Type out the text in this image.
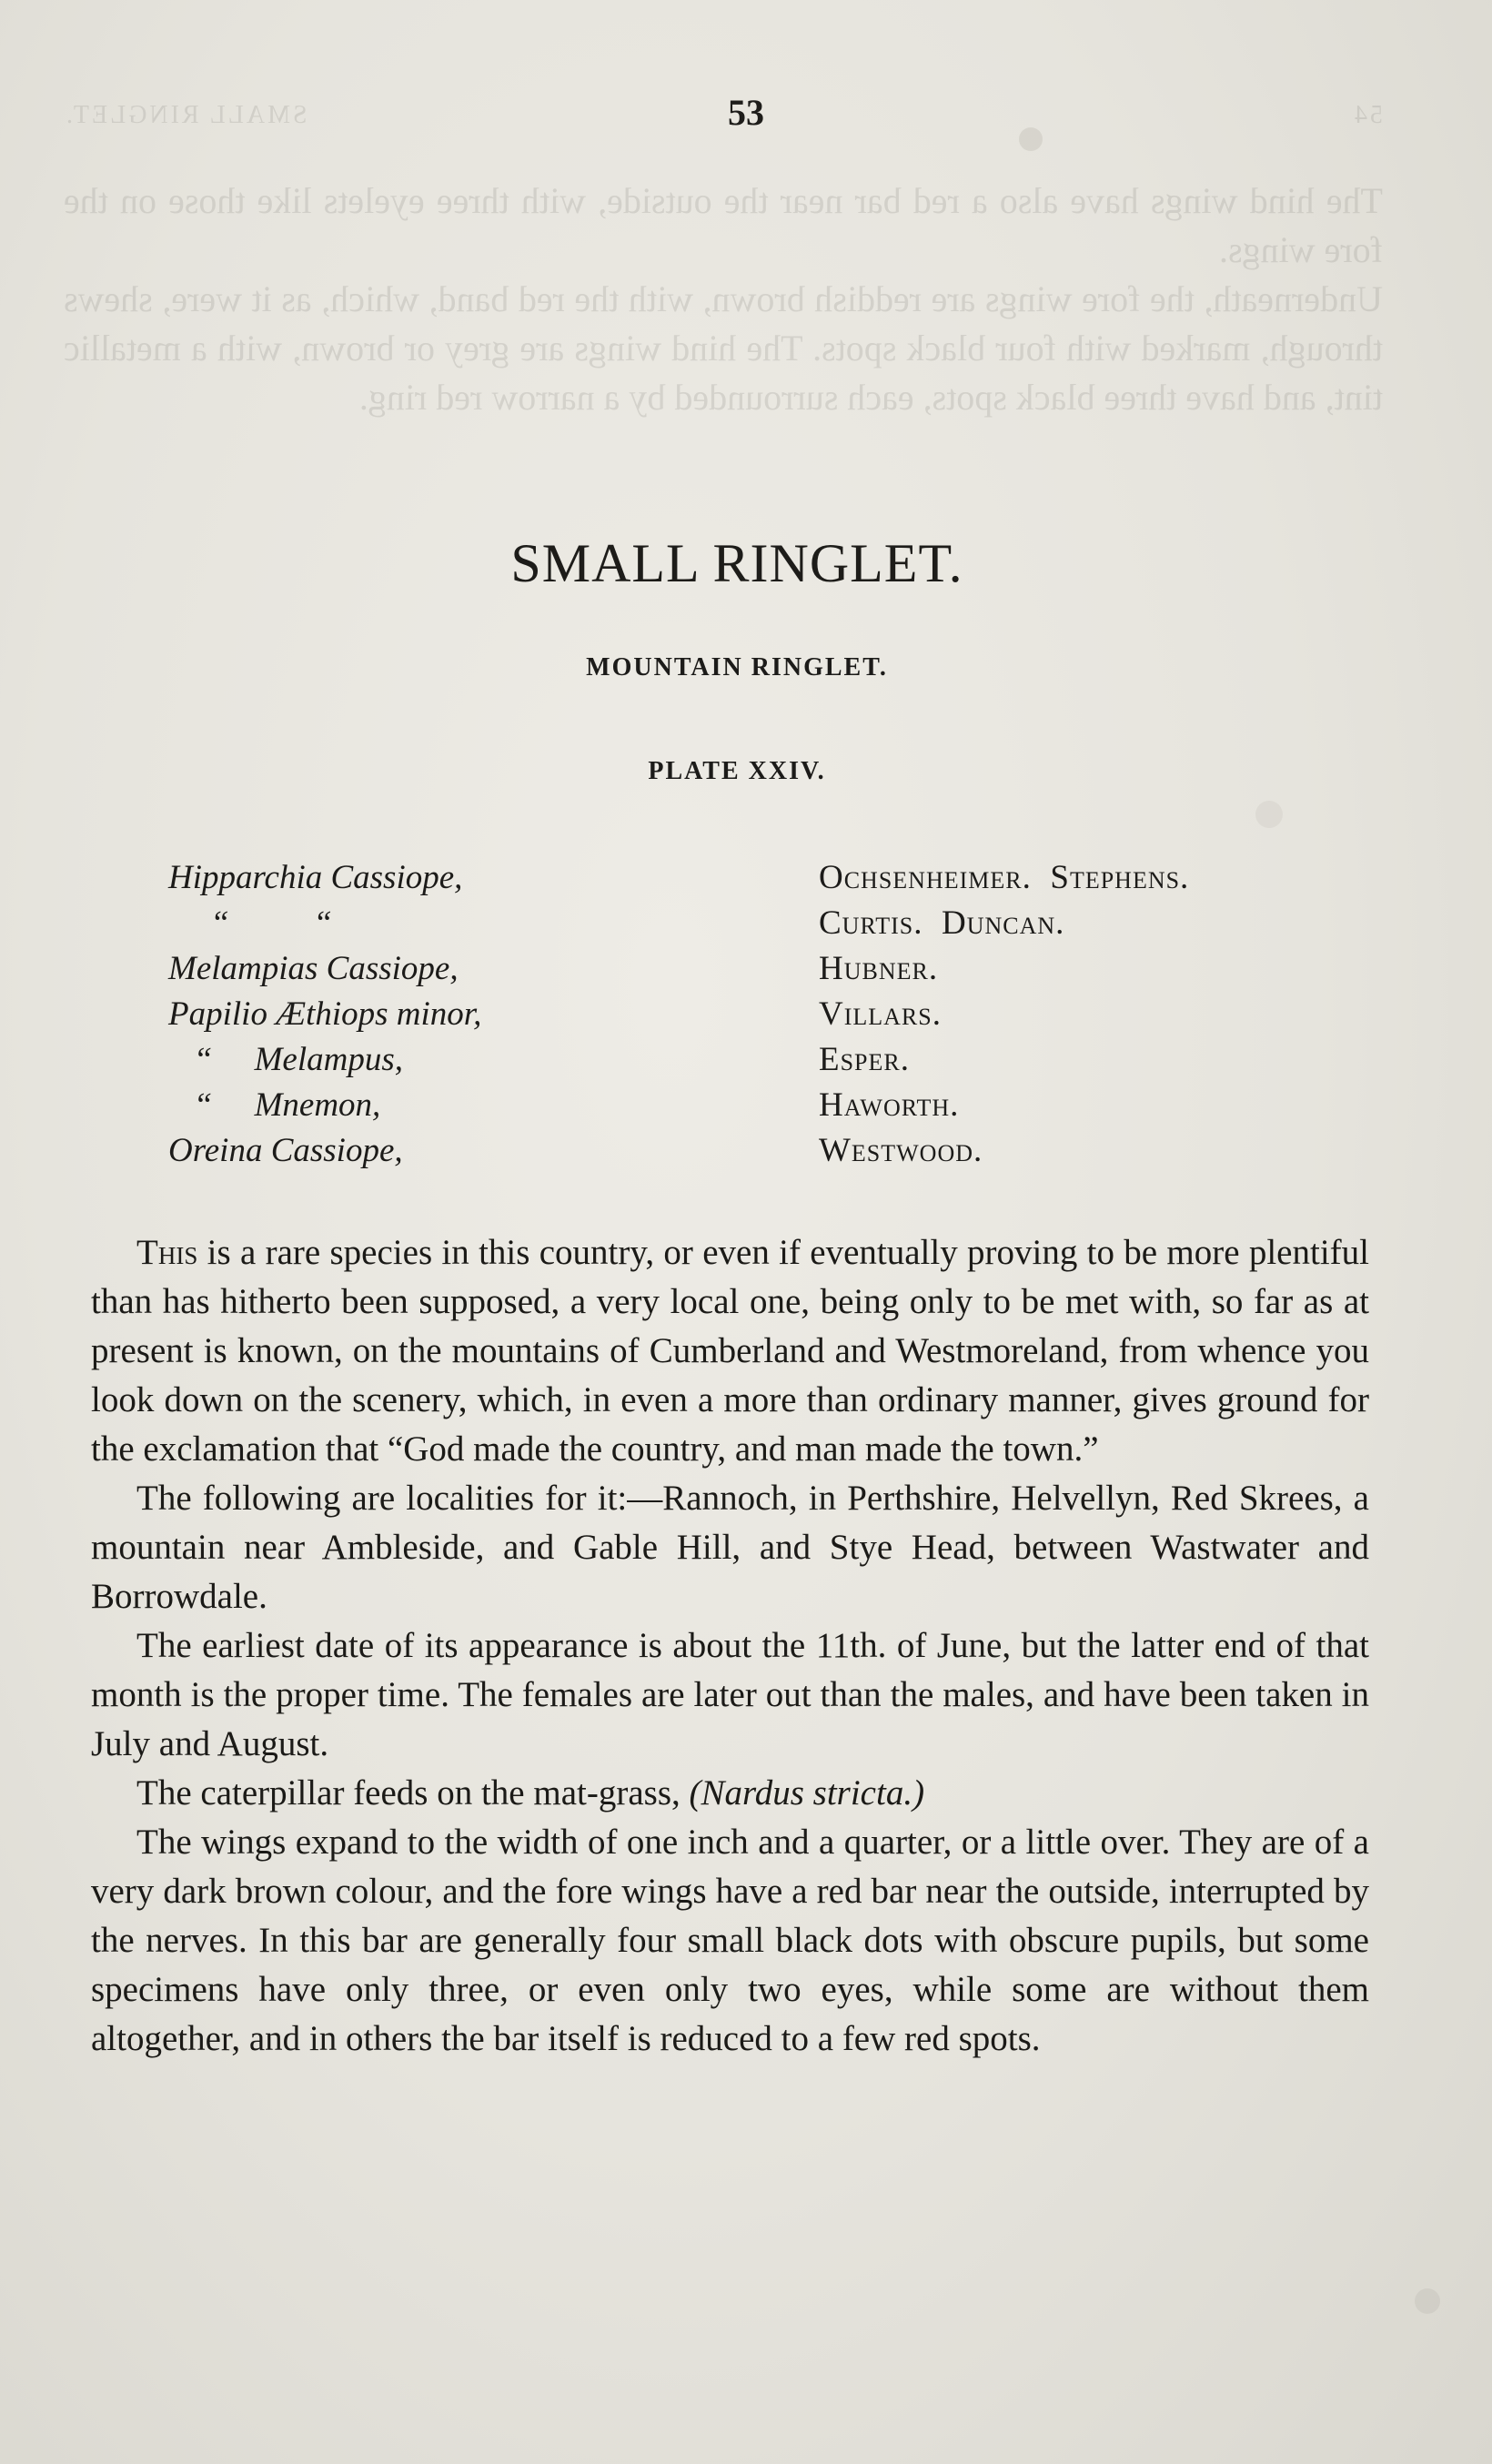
54
SMALL RINGLET.

The hind wings have also a red bar near the outside, with three eyelets like those on the fore wings.

Underneath, the fore wings are reddish brown, with the red band, which, as it were, shews through, marked with four black spots. The hind wings are grey or brown, with a metallic tint, and have three black spots, each surrounded by a narrow red ring.

53
SMALL RINGLET.
MOUNTAIN RINGLET.
PLATE XXIV.
Hipparchia Cassiope,	Ochsenheimer.  Stephens.
“          “	Curtis.  Duncan.
Melampias Cassiope,	Hubner.
Papilio Æthiops minor,	Villars.
“     Melampus,	Esper.
“     Mnemon,	Haworth.
Oreina Cassiope,	Westwood.

This is a rare species in this country, or even if eventually proving to be more plentiful than has hitherto been supposed, a very local one, being only to be met with, so far as at present is known, on the mountains of Cumberland and Westmoreland, from whence you look down on the scenery, which, in even a more than ordinary manner, gives ground for the exclamation that “God made the country, and man made the town.”

The following are localities for it:—Rannoch, in Perthshire, Helvellyn, Red Skrees, a mountain near Ambleside, and Gable Hill, and Stye Head, between Wastwater and Borrowdale.

The earliest date of its appearance is about the 11th. of June, but the latter end of that month is the proper time. The females are later out than the males, and have been taken in July and August.

The caterpillar feeds on the mat-grass, (Nardus stricta.)

The wings expand to the width of one inch and a quarter, or a little over. They are of a very dark brown colour, and the fore wings have a red bar near the outside, interrupted by the nerves. In this bar are generally four small black dots with obscure pupils, but some specimens have only three, or even only two eyes, while some are without them altogether, and in others the bar itself is reduced to a few red spots.
